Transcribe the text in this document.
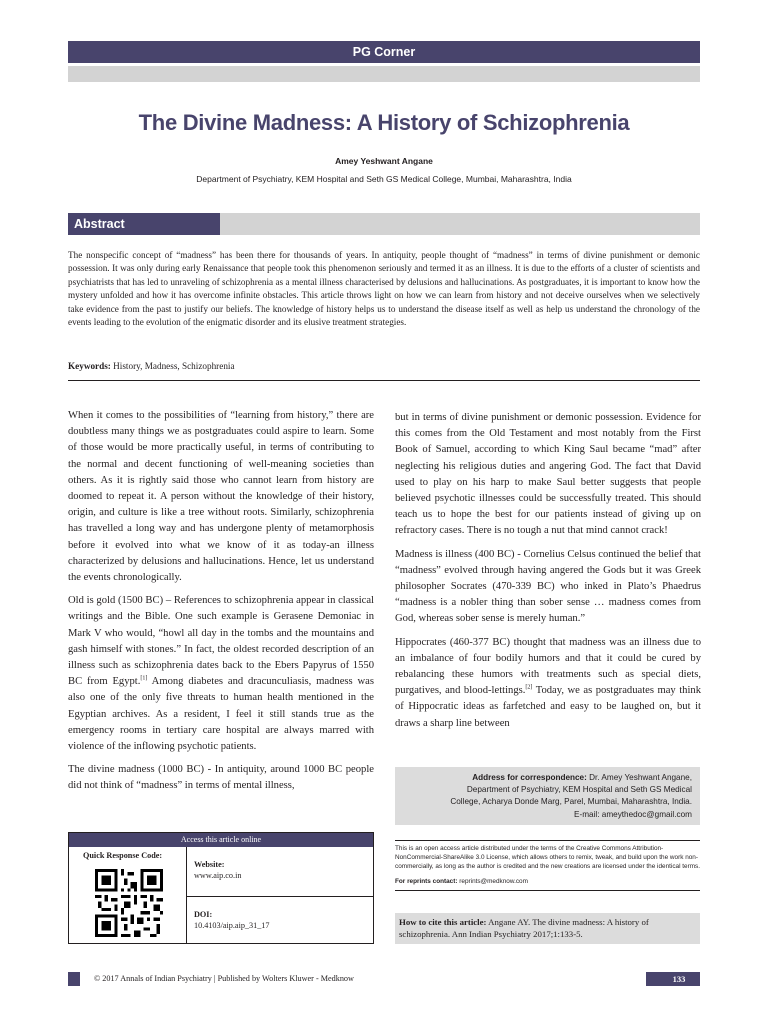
PG Corner
The Divine Madness: A History of Schizophrenia
Amey Yeshwant Angane
Department of Psychiatry, KEM Hospital and Seth GS Medical College, Mumbai, Maharashtra, India
Abstract

The nonspecific concept of “madness” has been there for thousands of years. In antiquity, people thought of “madness” in terms of divine punishment or demonic possession. It was only during early Renaissance that people took this phenomenon seriously and termed it as an illness. It is due to the efforts of a cluster of scientists and psychiatrists that has led to unraveling of schizophrenia as a mental illness characterised by delusions and hallucinations. As postgraduates, it is important to know how the mystery unfolded and how it has overcome infinite obstacles. This article throws light on how we can learn from history and not deceive ourselves when we selectively take evidence from the past to justify our beliefs. The knowledge of history helps us to understand the disease itself as well as help us understand the chronology of the events leading to the evolution of the enigmatic disorder and its elusive treatment strategies.

Keywords: History, Madness, Schizophrenia

When it comes to the possibilities of “learning from history,” there are doubtless many things we as postgraduates could aspire to learn. Some of those would be more practically useful, in terms of contributing to the normal and decent functioning of well-meaning societies than others. As it is rightly said those who cannot learn from history are doomed to repeat it. A person without the knowledge of their history, origin, and culture is like a tree without roots. Similarly, schizophrenia has travelled a long way and has undergone plenty of metamorphosis before it evolved into what we know of it as today-an illness characterized by delusions and hallucinations. Hence, let us understand the events chronologically.

Old is gold (1500 BC) – References to schizophrenia appear in classical writings and the Bible. One such example is Gerasene Demoniac in Mark V who would, “howl all day in the tombs and the mountains and gash himself with stones.” In fact, the oldest recorded description of an illness such as schizophrenia dates back to the Ebers Papyrus of 1550 BC from Egypt.[1] Among diabetes and dracunculiasis, madness was also one of the only five threats to human health mentioned in the Egyptian archives. As a resident, I feel it still stands true as the emergency rooms in tertiary care hospital are always marred with violence of the inflowing psychotic patients.

The divine madness (1000 BC) - In antiquity, around 1000 BC people did not think of “madness” in terms of mental illness,

but in terms of divine punishment or demonic possession. Evidence for this comes from the Old Testament and most notably from the First Book of Samuel, according to which King Saul became “mad” after neglecting his religious duties and angering God. The fact that David used to play on his harp to make Saul better suggests that people believed psychotic illnesses could be successfully treated. This should teach us to hope the best for our patients instead of giving up on refractory cases. There is no tough a nut that mind cannot crack!

Madness is illness (400 BC) - Cornelius Celsus continued the belief that “madness” evolved through having angered the Gods but it was Greek philosopher Socrates (470-339 BC) who inked in Plato’s Phaedrus “madness is a nobler thing than sober sense … madness comes from God, whereas sober sense is merely human.”

Hippocrates (460-377 BC) thought that madness was an illness due to an imbalance of four bodily humors and that it could be cured by rebalancing these humors with treatments such as special diets, purgatives, and blood-lettings.[2] Today, we as postgraduates may think of Hippocratic ideas as farfetched and easy to be laughed on, but it draws a sharp line between

Address for correspondence: Dr. Amey Yeshwant Angane,
Department of Psychiatry, KEM Hospital and Seth GS Medical
College, Acharya Donde Marg, Parel, Mumbai, Maharashtra, India.
E-mail: ameythedoc@gmail.com
Access this article online
Quick Response Code:
Website:
www.aip.co.in
DOI:
10.4103/aip.aip_31_17
This is an open access article distributed under the terms of the Creative Commons Attribution-NonCommercial-ShareAlike 3.0 License, which allows others to remix, tweak, and build upon the work non-commercially, as long as the author is credited and the new creations are licensed under the identical terms.
For reprints contact: reprints@medknow.com
How to cite this article: Angane AY. The divine madness: A history of schizophrenia. Ann Indian Psychiatry 2017;1:133-5.
© 2017 Annals of Indian Psychiatry | Published by Wolters Kluwer - Medknow	133
